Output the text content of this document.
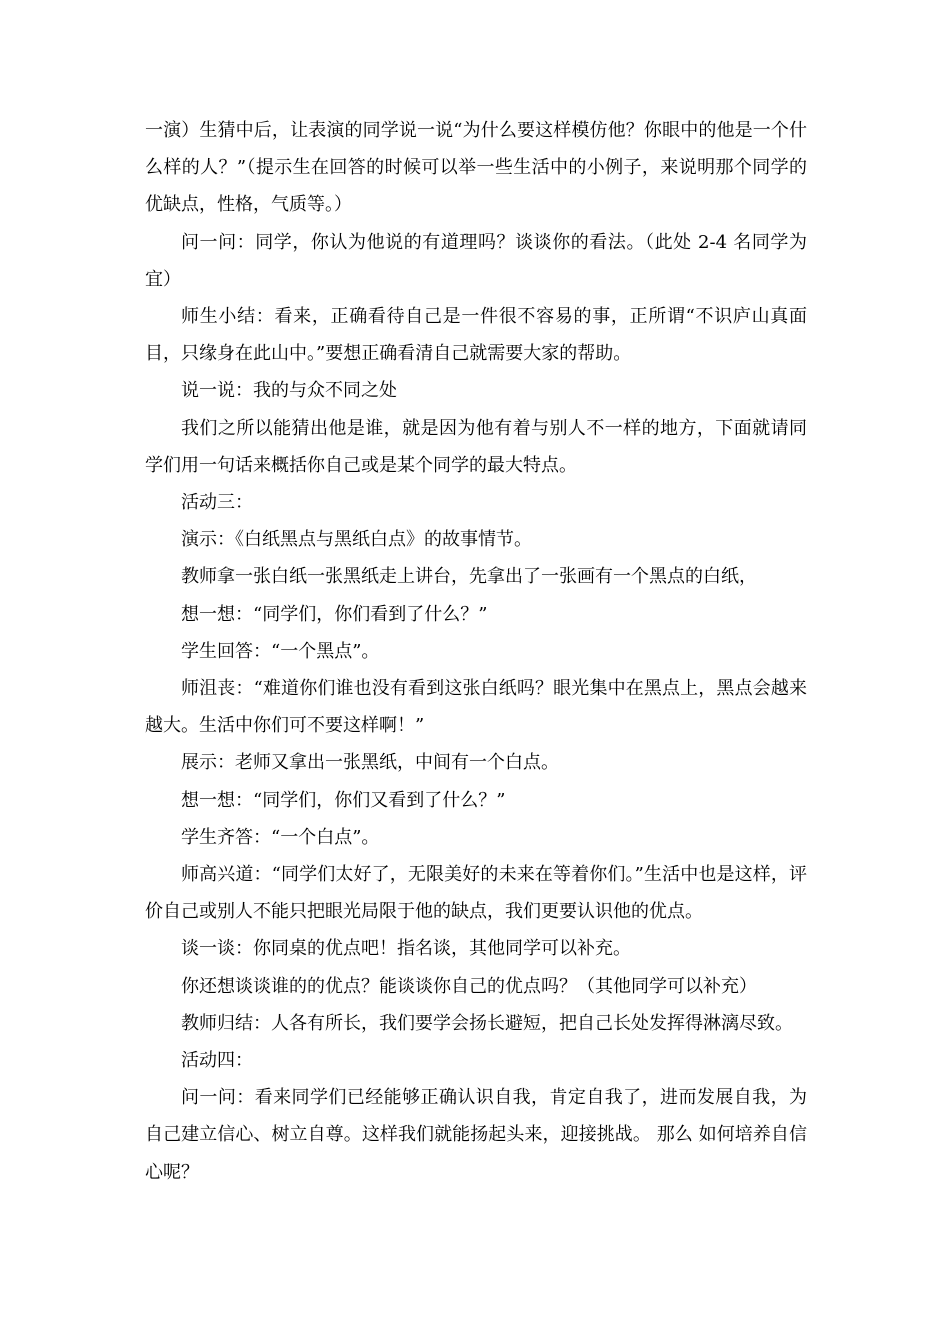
一演）生猜中后，让表演的同学说一说“为什么要这样模仿他？你眼中的他是一个什么样的人？”（提示生在回答的时候可以举一些生活中的小例子，来说明那个同学的优缺点，性格，气质等。）

问一问：同学，你认为他说的有道理吗？谈谈你的看法。（此处 2-4 名同学为宜）

师生小结：看来，正确看待自己是一件很不容易的事，正所谓“不识庐山真面目，只缘身在此山中。”要想正确看清自己就需要大家的帮助。

说一说：我的与众不同之处

我们之所以能猜出他是谁，就是因为他有着与别人不一样的地方，下面就请同学们用一句话来概括你自己或是某个同学的最大特点。

活动三：

演示：《白纸黑点与黑纸白点》的故事情节。

教师拿一张白纸一张黑纸走上讲台，先拿出了一张画有一个黑点的白纸，

想一想：“同学们，你们看到了什么？”

学生回答：“一个黑点”。

师沮丧：“难道你们谁也没有看到这张白纸吗？眼光集中在黑点上，黑点会越来越大。生活中你们可不要这样啊！”

展示：老师又拿出一张黑纸，中间有一个白点。

想一想：“同学们，你们又看到了什么？”

学生齐答：“一个白点”。

师高兴道：“同学们太好了，无限美好的未来在等着你们。”生活中也是这样，评价自己或别人不能只把眼光局限于他的缺点，我们更要认识他的优点。

谈一谈：你同桌的优点吧！指名谈，其他同学可以补充。

你还想谈谈谁的的优点？能谈谈你自己的优点吗？（其他同学可以补充）

教师归结：人各有所长，我们要学会扬长避短，把自己长处发挥得淋漓尽致。

活动四：

问一问：看来同学们已经能够正确认识自我，肯定自我了，进而发展自我，为自己建立信心、树立自尊。这样我们就能扬起头来，迎接挑战。 那么 如何培养自信心呢？
